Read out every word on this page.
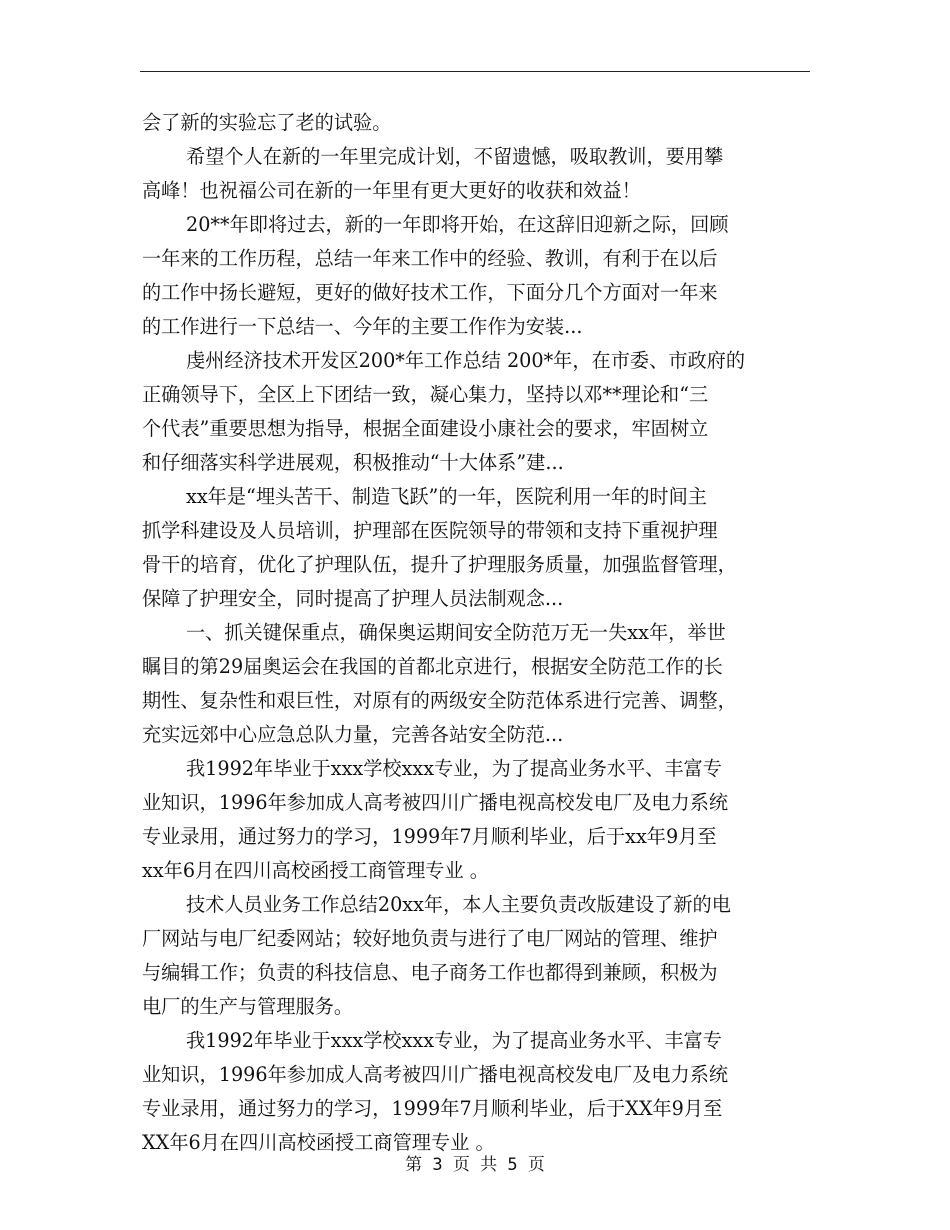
会了新的实验忘了老的试验。
希望个人在新的一年里完成计划，不留遗憾，吸取教训，要用攀
高峰！也祝福公司在新的一年里有更大更好的收获和效益！
20**年即将过去，新的一年即将开始，在这辞旧迎新之际，回顾
一年来的工作历程，总结一年来工作中的经验、教训，有利于在以后
的工作中扬长避短，更好的做好技术工作，下面分几个方面对一年来
的工作进行一下总结一、今年的主要工作作为安装...
虔州经济技术开发区200*年工作总结 200*年，在市委、市政府的
正确领导下，全区上下团结一致，凝心集力，坚持以邓**理论和“三
个代表”重要思想为指导，根据全面建设小康社会的要求，牢固树立
和仔细落实科学进展观，积极推动“十大体系”建...
xx年是“埋头苦干、制造飞跃”的一年，医院利用一年的时间主
抓学科建设及人员培训，护理部在医院领导的带领和支持下重视护理
骨干的培育，优化了护理队伍，提升了护理服务质量，加强监督管理，
保障了护理安全，同时提高了护理人员法制观念...
一、抓关键保重点，确保奥运期间安全防范万无一失xx年，举世
瞩目的第29届奥运会在我国的首都北京进行，根据安全防范工作的长
期性、复杂性和艰巨性，对原有的两级安全防范体系进行完善、调整，
充实远郊中心应急总队力量，完善各站安全防范...
我1992年毕业于xxx学校xxx专业，为了提高业务水平、丰富专
业知识，1996年参加成人高考被四川广播电视高校发电厂及电力系统
专业录用，通过努力的学习，1999年7月顺利毕业，后于xx年9月至
xx年6月在四川高校函授工商管理专业 。
技术人员业务工作总结20xx年，本人主要负责改版建设了新的电
厂网站与电厂纪委网站；较好地负责与进行了电厂网站的管理、维护
与编辑工作；负责的科技信息、电子商务工作也都得到兼顾，积极为
电厂的生产与管理服务。
我1992年毕业于xxx学校xxx专业，为了提高业务水平、丰富专
业知识，1996年参加成人高考被四川广播电视高校发电厂及电力系统
专业录用，通过努力的学习，1999年7月顺利毕业，后于XX年9月至
XX年6月在四川高校函授工商管理专业 。
第 3 页 共 5 页
